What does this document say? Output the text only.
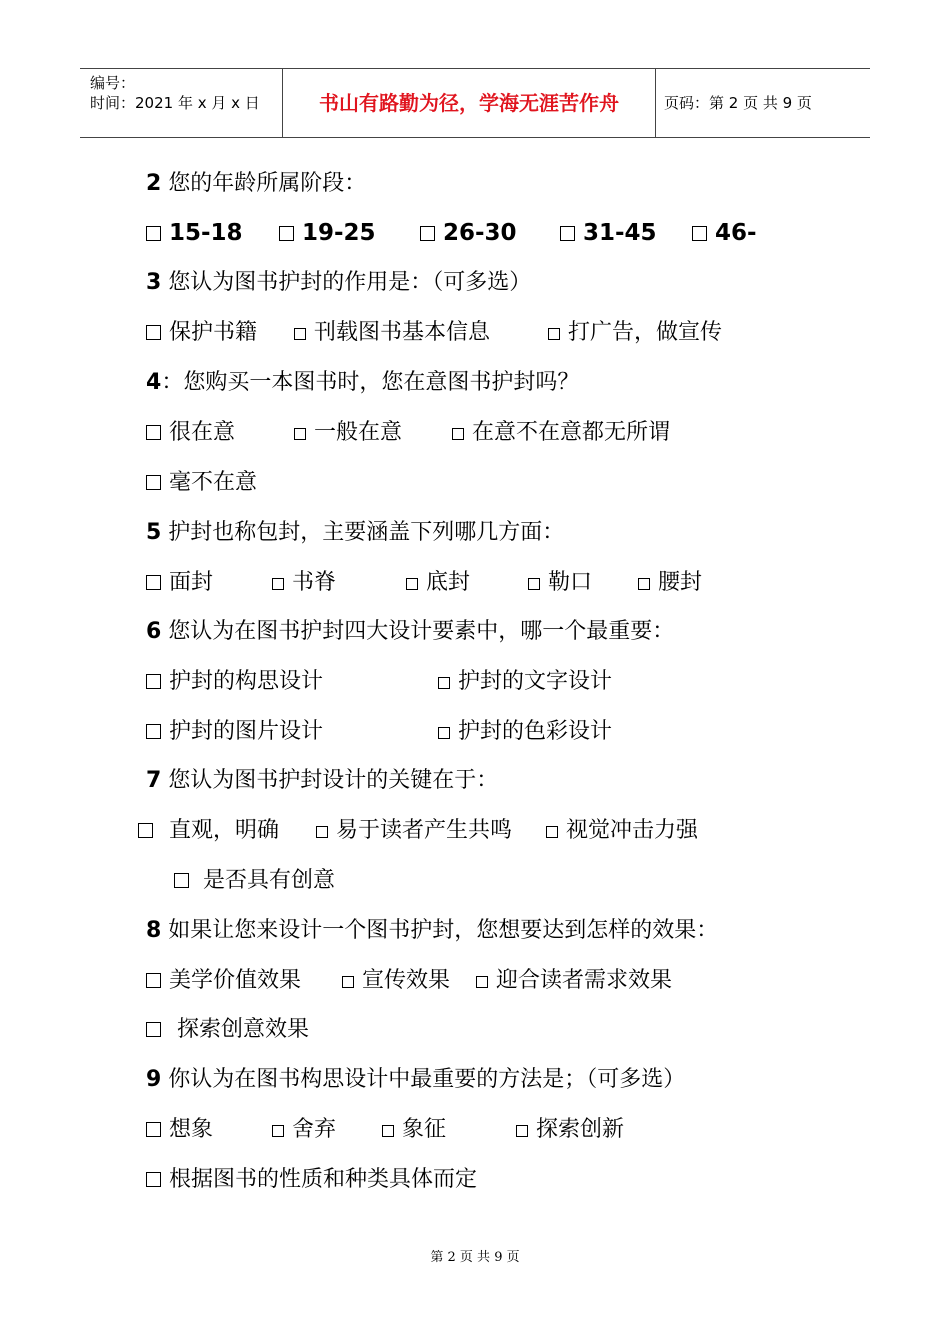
编号：
时间：2021 年 x 月 x 日	书山有路勤为径，学海无涯苦作舟	页码：第 2 页 共 9 页
2 您的年龄所属阶段：
15-18	19-25	26-30	31-45	46-
3 您认为图书护封的作用是：（可多选）
保护书籍	刊载图书基本信息	打广告，做宣传
4：您购买一本图书时，您在意图书护封吗？
很在意	一般在意	在意不在意都无所谓
毫不在意
5 护封也称包封，主要涵盖下列哪几方面：
面封	书脊	底封	勒口	腰封
6 您认为在图书护封四大设计要素中，哪一个最重要：
护封的构思设计	护封的文字设计
护封的图片设计	护封的色彩设计
7 您认为图书护封设计的关键在于：
直观，明确	易于读者产生共鸣	视觉冲击力强
是否具有创意
8 如果让您来设计一个图书护封，您想要达到怎样的效果：
美学价值效果	宣传效果	迎合读者需求效果
探索创意效果
9 你认为在图书构思设计中最重要的方法是；（可多选）
想象	舍弃	象征	探索创新
根据图书的性质和种类具体而定
第 2 页 共 9 页
